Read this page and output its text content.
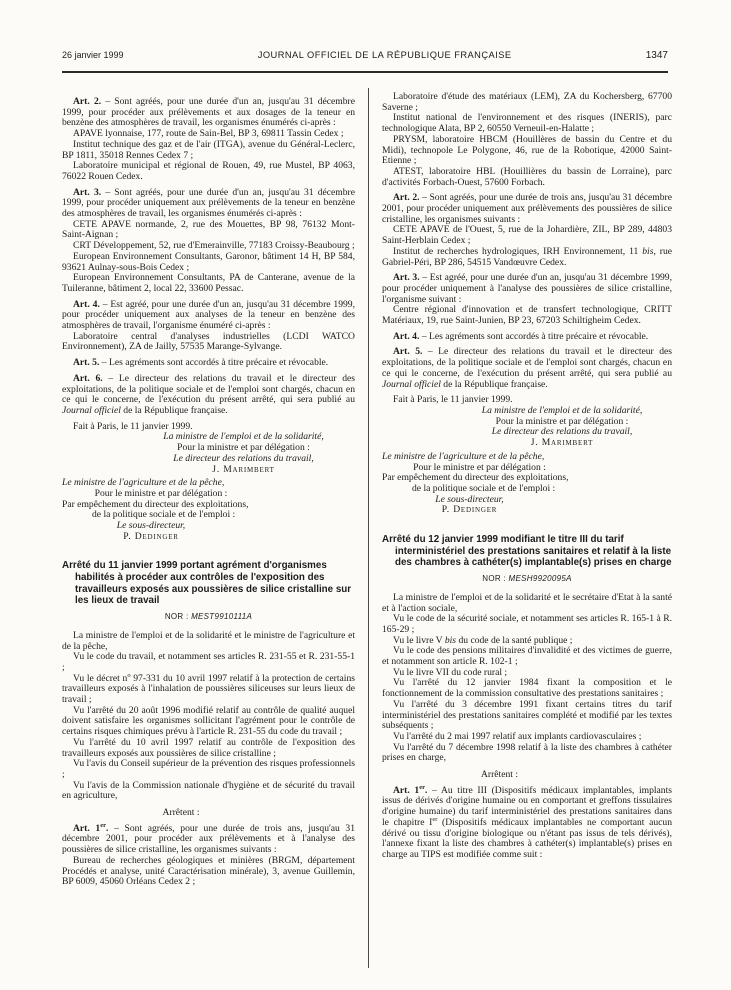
26 janvier 1999	JOURNAL OFFICIEL DE LA RÉPUBLIQUE FRANÇAISE	1347

Art. 2. – Sont agréés, pour une durée d'un an, jusqu'au 31 décembre 1999, pour procéder aux prélèvements et aux dosages de la teneur en benzène des atmosphères de travail, les organismes énumérés ci-après :

APAVE lyonnaise, 177, route de Sain-Bel, BP 3, 69811 Tassin Cedex ;

Institut technique des gaz et de l'air (ITGA), avenue du Général-Leclerc, BP 1811, 35018 Rennes Cedex 7 ;

Laboratoire municipal et régional de Rouen, 49, rue Mustel, BP 4063, 76022 Rouen Cedex.

Art. 3. – Sont agréés, pour une durée d'un an, jusqu'au 31 décembre 1999, pour procéder uniquement aux prélèvements de la teneur en benzène des atmosphères de travail, les organismes énumérés ci-après :

CETE APAVE normande, 2, rue des Mouettes, BP 98, 76132 Mont-Saint-Aignan ;

CRT Développement, 52, rue d'Emerainville, 77183 Croissy-Beaubourg ;

European Environnement Consultants, Garonor, bâtiment 14 H, BP 584, 93621 Aulnay-sous-Bois Cedex ;

European Environnement Consultants, PA de Canterane, avenue de la Tuileranne, bâtiment 2, local 22, 33600 Pessac.

Art. 4. – Est agréé, pour une durée d'un an, jusqu'au 31 décembre 1999, pour procéder uniquement aux analyses de la teneur en benzène des atmosphères de travail, l'organisme énuméré ci-après :

Laboratoire central d'analyses industrielles (LCDI WATCO Environnement), ZA de Jailly, 57535 Marange-Sylvange.

Art. 5. – Les agréments sont accordés à titre précaire et révocable.

Art. 6. – Le directeur des relations du travail et le directeur des exploitations, de la politique sociale et de l'emploi sont chargés, chacun en ce qui le concerne, de l'exécution du présent arrêté, qui sera publié au Journal officiel de la République française.

Fait à Paris, le 11 janvier 1999.

La ministre de l'emploi et de la solidarité,

Pour la ministre et par délégation :

Le directeur des relations du travail,

J. Marimbert

Le ministre de l'agriculture et de la pêche,

Pour le ministre et par délégation :

Par empêchement du directeur des exploitations,

de la politique sociale et de l'emploi :

Le sous-directeur,

P. Dedinger

Arrêté du 11 janvier 1999 portant agrément d'organismes habilités à procéder aux contrôles de l'exposition des travailleurs exposés aux poussières de silice cristalline sur les lieux de travail

NOR : MEST9910111A

La ministre de l'emploi et de la solidarité et le ministre de l'agriculture et de la pêche,

Vu le code du travail, et notamment ses articles R. 231-55 et R. 231-55-1 ;

Vu le décret $n^o$ 97-331 du 10 avril 1997 relatif à la protection de certains travailleurs exposés à l'inhalation de poussières siliceuses sur leurs lieux de travail ;

Vu l'arrêté du 20 août 1996 modifié relatif au contrôle de qualité auquel doivent satisfaire les organismes sollicitant l'agrément pour le contrôle de certains risques chimiques prévu à l'article R. 231-55 du code du travail ;

Vu l'arrêté du 10 avril 1997 relatif au contrôle de l'exposition des travailleurs exposés aux poussières de silice cristalline ;

Vu l'avis du Conseil supérieur de la prévention des risques professionnels ;

Vu l'avis de la Commission nationale d'hygiène et de sécurité du travail en agriculture,

Arrêtent :

Art. 1er. – Sont agréés, pour une durée de trois ans, jusqu'au 31 décembre 2001, pour procéder aux prélèvements et à l'analyse des poussières de silice cristalline, les organismes suivants :

Bureau de recherches géologiques et minières (BRGM, département Procédés et analyse, unité Caractérisation minérale), 3, avenue Guillemin, BP 6009, 45060 Orléans Cedex 2 ;

Laboratoire d'étude des matériaux (LEM), ZA du Kochersberg, 67700 Saverne ;

Institut national de l'environnement et des risques (INERIS), parc technologique Alata, BP 2, 60550 Verneuil-en-Halatte ;

PRYSM, laboratoire HBCM (Houillères de bassin du Centre et du Midi), technopole Le Polygone, 46, rue de la Robotique, 42000 Saint-Etienne ;

ATEST, laboratoire HBL (Houillières du bassin de Lorraine), parc d'activités Forbach-Ouest, 57600 Forbach.

Art. 2. – Sont agréés, pour une durée de trois ans, jusqu'au 31 décembre 2001, pour procéder uniquement aux prélèvements des poussières de silice cristalline, les organismes suivants :

CETE APAVE de l'Ouest, 5, rue de la Johardière, ZIL, BP 289, 44803 Saint-Herblain Cedex ;

Institut de recherches hydrologiques, IRH Environnement, 11 bis, rue Gabriel-Péri, BP 286, 54515 Vandœuvre Cedex.

Art. 3. – Est agréé, pour une durée d'un an, jusqu'au 31 décembre 1999, pour procéder uniquement à l'analyse des poussières de silice cristalline, l'organisme suivant :

Centre régional d'innovation et de transfert technologique, CRITT Matériaux, 19, rue Saint-Junien, BP 23, 67203 Schiltigheim Cedex.

Art. 4. – Les agréments sont accordés à titre précaire et révocable.

Art. 5. – Le directeur des relations du travail et le directeur des exploitations, de la politique sociale et de l'emploi sont chargés, chacun en ce qui le concerne, de l'exécution du présent arrêté, qui sera publié au Journal officiel de la République française.

Fait à Paris, le 11 janvier 1999.

La ministre de l'emploi et de la solidarité,

Pour la ministre et par délégation :

Le directeur des relations du travail,

J. Marimbert

Le ministre de l'agriculture et de la pêche,

Pour le ministre et par délégation :

Par empêchement du directeur des exploitations,

de la politique sociale et de l'emploi :

Le sous-directeur,

P. Dedinger

Arrêté du 12 janvier 1999 modifiant le titre III du tarif interministériel des prestations sanitaires et relatif à la liste des chambres à cathéter(s) implantable(s) prises en charge

NOR : MESH9920095A

La ministre de l'emploi et de la solidarité et le secrétaire d'Etat à la santé et à l'action sociale,

Vu le code de la sécurité sociale, et notamment ses articles R. 165-1 à R. 165-29 ;

Vu le livre V bis du code de la santé publique ;

Vu le code des pensions militaires d'invalidité et des victimes de guerre, et notamment son article R. 102-1 ;

Vu le livre VII du code rural ;

Vu l'arrêté du 12 janvier 1984 fixant la composition et le fonctionnement de la commission consultative des prestations sanitaires ;

Vu l'arrêté du 3 décembre 1991 fixant certains titres du tarif interministériel des prestations sanitaires complété et modifié par les textes subséquents ;

Vu l'arrêté du 2 mai 1997 relatif aux implants cardiovasculaires ;

Vu l'arrêté du 7 décembre 1998 relatif à la liste des chambres à cathéter prises en charge,

Arrêtent :

Art. 1er. – Au titre III (Dispositifs médicaux implantables, implants issus de dérivés d'origine humaine ou en comportant et greffons tissulaires d'origine humaine) du tarif interministériel des prestations sanitaires dans le chapitre Ier (Dispositifs médicaux implantables ne comportant aucun dérivé ou tissu d'origine biologique ou n'étant pas issus de tels dérivés), l'annexe fixant la liste des chambres à cathéter(s) implantable(s) prises en charge au TIPS est modifiée comme suit :
